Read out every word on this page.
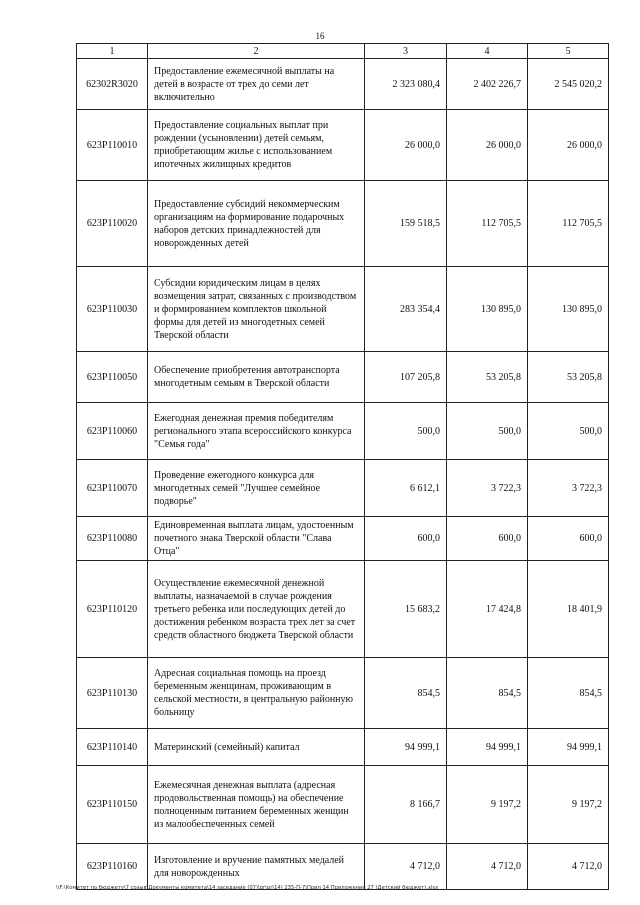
16
1	2	3	4	5
62302R3020	Предоставление ежемесячной выплаты на детей в возрасте от трех до семи лет включительно	2 323 080,4	2 402 226,7	2 545 020,2
623P110010	Предоставление социальных выплат при рождении (усыновлении) детей семьям, приобретающим жилье с использованием ипотечных жилищных кредитов	26 000,0	26 000,0	26 000,0
623P110020	Предоставление субсидий некоммерческим организациям на формирование подарочных наборов детских принадлежностей для новорожденных детей	159 518,5	112 705,5	112 705,5
623P110030	Субсидии юридическим лицам в целях возмещения затрат, связанных с производством и формированием комплектов школьной формы для детей из многодетных семей Тверской области	283 354,4	130 895,0	130 895,0
623P110050	Обеспечение приобретения автотранспорта многодетным семьям в Тверской области	107 205,8	53 205,8	53 205,8
623P110060	Ежегодная денежная премия победителям регионального этапа всероссийского конкурса "Семья года"	500,0	500,0	500,0
623P110070	Проведение ежегодного конкурса для многодетных семей "Лучшее семейное подворье"	6 612,1	3 722,3	3 722,3
623P110080	Единовременная выплата лицам, удостоенным почетного знака Тверской области "Слава Отца"	600,0	600,0	600,0
623P110120	Осуществление ежемесячной денежной выплаты, назначаемой в случае рождения третьего ребенка или последующих детей до достижения ребенком возраста трех лет за счет средств областного бюджета Тверской области	15 683,2	17 424,8	18 401,9
623P110130	Адресная социальная помощь на проезд беременным женщинам, проживающим в сельской местности, в центральную районную больницу	854,5	854,5	854,5
623P110140	Материнский (семейный) капитал	94 999,1	94 999,1	94 999,1
623P110150	Ежемесячная денежная выплата (адресная продовольственная помощь) на обеспечение полноценным питанием беременных женщин из малообеспеченных семей	8 166,7	9 197,2	9 197,2
623P110160	Изготовление и вручение памятных медалей для новорожденных	4 712,0	4 712,0	4 712,0
\\F:\Комитет по бюджету\7 созыв\Документы комитета\14 заседание (07)\pr\pr\14) 235-П-7\Прил 14 Приложение 27 (Детский бюджет).xlsx
